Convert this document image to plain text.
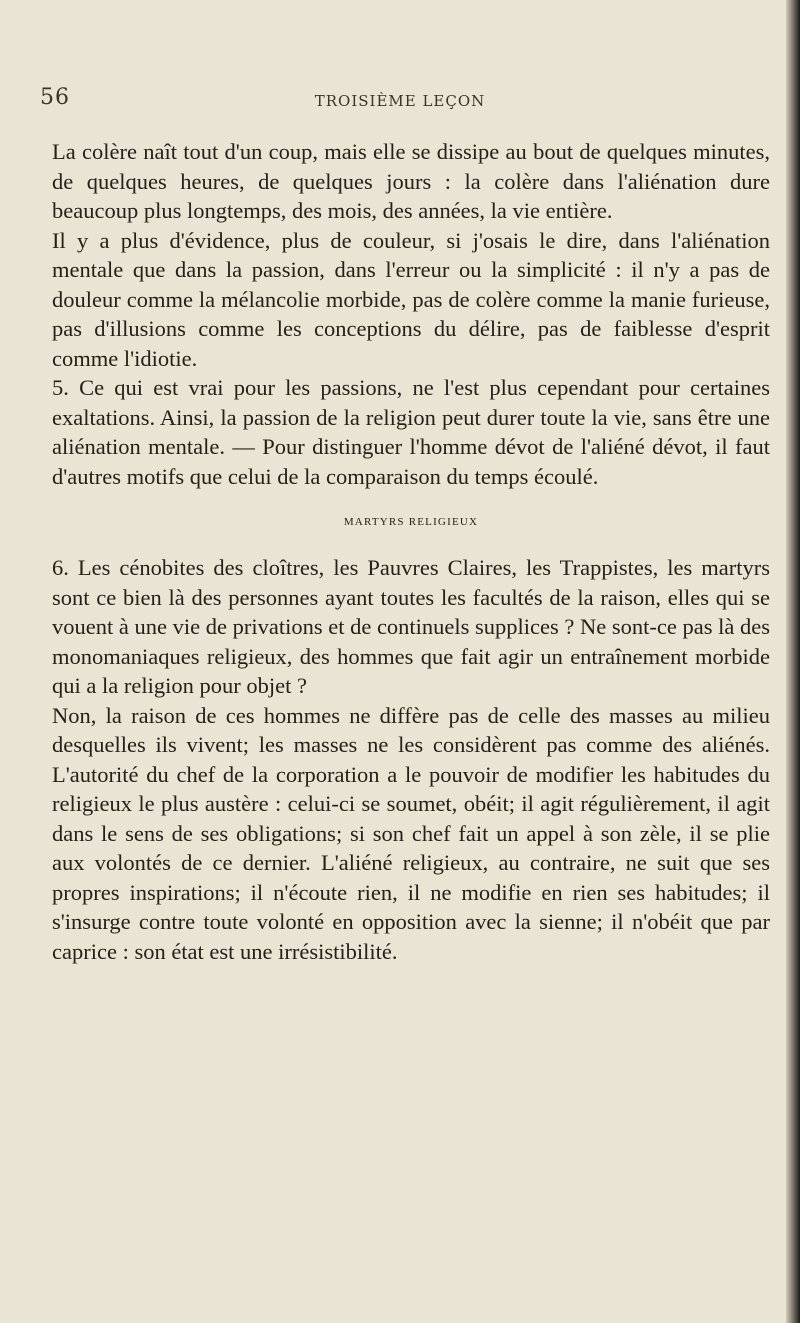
56	TROISIÈME LEÇON

La colère naît tout d'un coup, mais elle se dissipe au bout de quelques minutes, de quelques heures, de quelques jours : la colère dans l'aliénation dure beaucoup plus longtemps, des mois, des années, la vie entière.

Il y a plus d'évidence, plus de couleur, si j'osais le dire, dans l'aliénation mentale que dans la passion, dans l'erreur ou la simplicité : il n'y a pas de douleur comme la mélancolie morbide, pas de colère comme la manie furieuse, pas d'illusions comme les conceptions du délire, pas de faiblesse d'esprit comme l'idiotie.

5. Ce qui est vrai pour les passions, ne l'est plus cependant pour certaines exaltations. Ainsi, la passion de la religion peut durer toute la vie, sans être une aliénation mentale. — Pour distinguer l'homme dévot de l'aliéné dévot, il faut d'autres motifs que celui de la comparaison du temps écoulé.

MARTYRS RELIGIEUX

6. Les cénobites des cloîtres, les Pauvres Claires, les Trappistes, les martyrs sont ce bien là des personnes ayant toutes les facultés de la raison, elles qui se vouent à une vie de privations et de continuels supplices ? Ne sont-ce pas là des monomaniaques religieux, des hommes que fait agir un entraînement morbide qui a la religion pour objet ?

Non, la raison de ces hommes ne diffère pas de celle des masses au milieu desquelles ils vivent; les masses ne les considèrent pas comme des aliénés. L'autorité du chef de la corporation a le pouvoir de modifier les habitudes du religieux le plus austère : celui-ci se soumet, obéit; il agit régulièrement, il agit dans le sens de ses obligations; si son chef fait un appel à son zèle, il se plie aux volontés de ce dernier. L'aliéné religieux, au contraire, ne suit que ses propres inspirations; il n'écoute rien, il ne modifie en rien ses habitudes; il s'insurge contre toute volonté en opposition avec la sienne; il n'obéit que par caprice : son état est une irrésistibilité.
